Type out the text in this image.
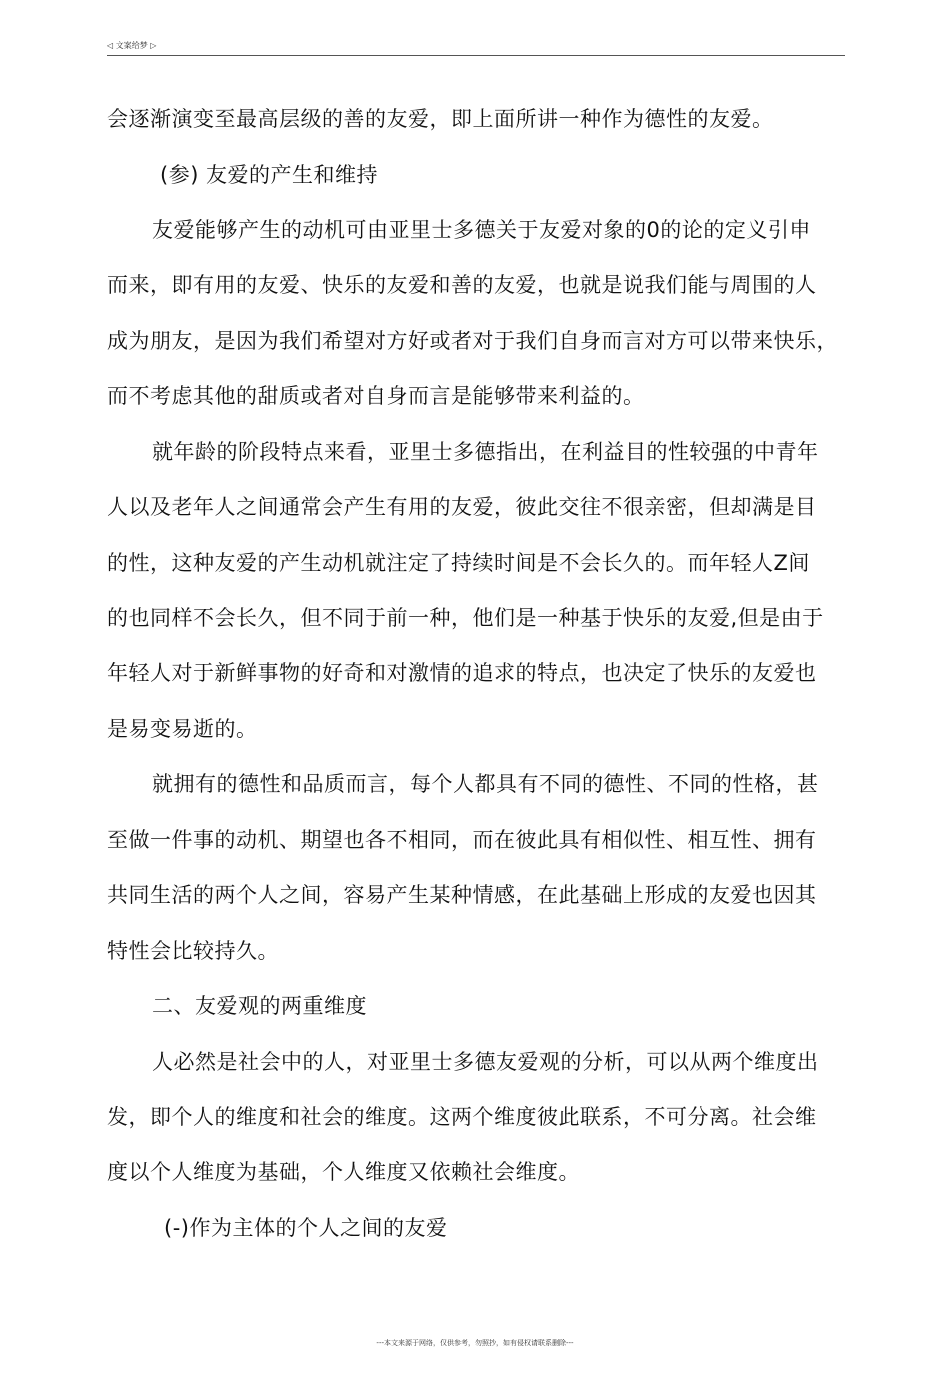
◁ 文案给梦 ▷
会逐渐演变至最高层级的善的友爱，即上面所讲一种作为德性的友爱。
(参) 友爱的产生和维持
友爱能够产生的动机可由亚里士多德关于友爱对象的0的论的定义引申
而来，即有用的友爱、快乐的友爱和善的友爱，也就是说我们能与周围的人
成为朋友，是因为我们希望对方好或者对于我们自身而言对方可以带来快乐，
而不考虑其他的甜质或者对自身而言是能够带来利益的。
就年龄的阶段特点来看，亚里士多德指出，在利益目的性较强的中青年
人以及老年人之间通常会产生有用的友爱，彼此交往不很亲密，但却满是目
的性，这种友爱的产生动机就注定了持续时间是不会长久的。而年轻人Z间
的也同样不会长久，但不同于前一种，他们是一种基于快乐的友爱,但是由于
年轻人对于新鲜事物的好奇和对激情的追求的特点，也决定了快乐的友爱也
是易变易逝的。
就拥有的德性和品质而言，每个人都具有不同的德性、不同的性格，甚
至做一件事的动机、期望也各不相同，而在彼此具有相似性、相互性、拥有
共同生活的两个人之间，容易产生某种情感，在此基础上形成的友爱也因其
特性会比较持久。
二、友爱观的两重维度
人必然是社会中的人，对亚里士多德友爱观的分析，可以从两个维度出
发，即个人的维度和社会的维度。这两个维度彼此联系，不可分离。社会维
度以个人维度为基础，个人维度又依赖社会维度。
(-)作为主体的个人之间的友爱
---本文来源于网络，仅供参考，勿照抄，如有侵权请联系删除---
